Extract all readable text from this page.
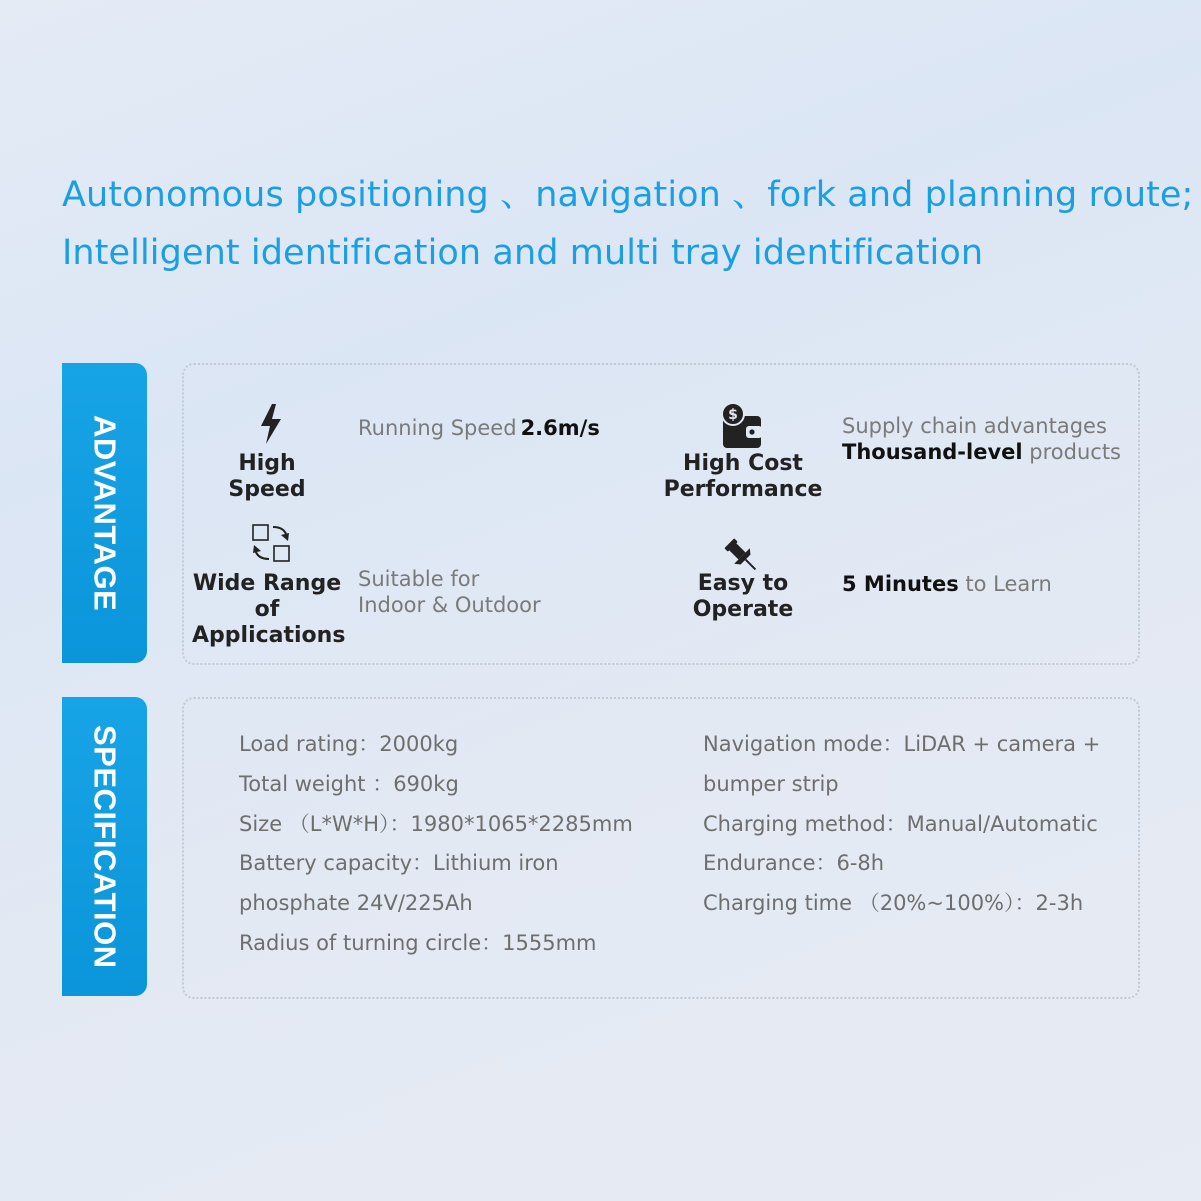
Autonomous positioning 、navigation 、fork and planning route;
Intelligent identification and multi tray identification
ADVANTAGE	High Speed
Running Speed 2.6m/s
$
High Cost
Performance
Supply chain advantages
Thousand-level products
Wide Range
of
Applications
Suitable for
Indoor & Outdoor
Easy to
Operate
5 Minutes to Learn
SPECIFICATION	Load rating：2000kg
Total weight ：690kg
Size （L*W*H）：1980*1065*2285mm
Battery capacity：Lithium iron
phosphate 24V/225Ah
Radius of turning circle：1555mm
Navigation mode：LiDAR + camera +
bumper strip
Charging method：Manual/Automatic
Endurance：6-8h
Charging time （20%~100%）：2-3h
